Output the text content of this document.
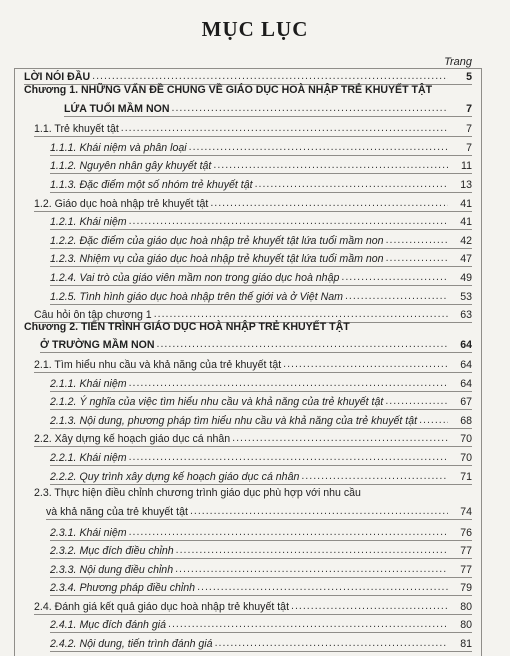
MỤC LỤC
Trang
LỜI NÓI ĐẦU .....	5
Chương 1. NHỮNG VẤN ĐỀ CHUNG VỀ GIÁO DỤC HOÀ NHẬP TRẺ KHUYẾT TẬT
LỨA TUỔI MẦM NON .....	7
1.1. Trẻ khuyết tật .....	7
1.1.1. Khái niệm và phân loại .....	7
1.1.2. Nguyên nhân gây khuyết tật .....	11
1.1.3. Đặc điểm một số nhóm trẻ khuyết tật .....	13
1.2. Giáo dục hoà nhập trẻ khuyết tật .....	41
1.2.1. Khái niệm .....	41
1.2.2. Đặc điểm của giáo dục hoà nhập trẻ khuyết tật lứa tuổi mầm non .....	42
1.2.3. Nhiệm vụ của giáo dục hoà nhập trẻ khuyết tật lứa tuổi mầm non .....	47
1.2.4. Vai trò của giáo viên mầm non trong giáo dục hoà nhập .....	49
1.2.5. Tình hình giáo dục hoà nhập trên thế giới và ở Việt Nam .....	53
Câu hỏi ôn tập chương 1 .....	63
Chương 2. TIẾN TRÌNH GIÁO DỤC HOÀ NHẬP TRẺ KHUYẾT TẬT
Ở TRƯỜNG MẦM NON .....	64
2.1. Tìm hiểu nhu cầu và khả năng của trẻ khuyết tật .....	64
2.1.1. Khái niệm .....	64
2.1.2. Ý nghĩa của việc tìm hiểu nhu cầu và khả năng của trẻ khuyết tật .....	67
2.1.3. Nội dung, phương pháp tìm hiểu nhu cầu và khả năng của trẻ khuyết tật .....	68
2.2. Xây dựng kế hoạch giáo dục cá nhân .....	70
2.2.1. Khái niệm .....	70
2.2.2. Quy trình xây dựng kế hoạch giáo dục cá nhân .....	71
2.3. Thực hiện điều chỉnh chương trình giáo dục phù hợp với nhu cầu
và khả năng của trẻ khuyết tật .....	74
2.3.1. Khái niệm .....	76
2.3.2. Mục đích điều chỉnh .....	77
2.3.3. Nội dung điều chỉnh .....	77
2.3.4. Phương pháp điều chỉnh .....	79
2.4. Đánh giá kết quả giáo dục hoà nhập trẻ khuyết tật .....	80
2.4.1. Mục đích đánh giá .....	80
2.4.2. Nội dung, tiến trình đánh giá .....	81
